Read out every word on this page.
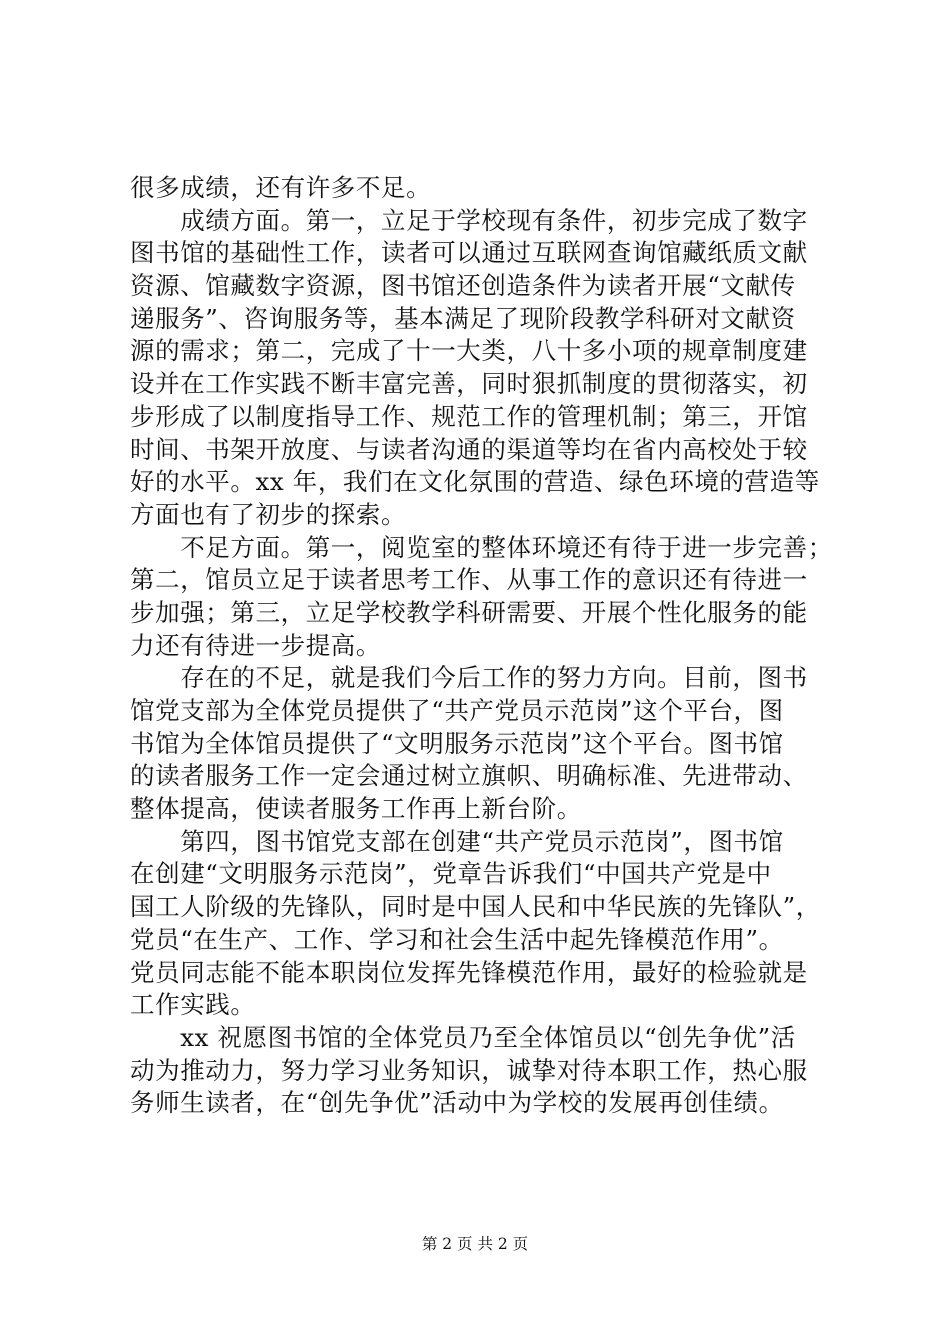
很多成绩，还有许多不足。
　　成绩方面。第一，立足于学校现有条件，初步完成了数字
图书馆的基础性工作，读者可以通过互联网查询馆藏纸质文献
资源、馆藏数字资源，图书馆还创造条件为读者开展“文献传
递服务”、咨询服务等，基本满足了现阶段教学科研对文献资
源的需求；第二，完成了十一大类，八十多小项的规章制度建
设并在工作实践不断丰富完善，同时狠抓制度的贯彻落实，初
步形成了以制度指导工作、规范工作的管理机制；第三，开馆
时间、书架开放度、与读者沟通的渠道等均在省内高校处于较
好的水平。xx 年，我们在文化氛围的营造、绿色环境的营造等
方面也有了初步的探索。
　　不足方面。第一，阅览室的整体环境还有待于进一步完善；
第二，馆员立足于读者思考工作、从事工作的意识还有待进一
步加强；第三，立足学校教学科研需要、开展个性化服务的能
力还有待进一步提高。
　　存在的不足，就是我们今后工作的努力方向。目前，图书
馆党支部为全体党员提供了“共产党员示范岗”这个平台，图
书馆为全体馆员提供了“文明服务示范岗”这个平台。图书馆
的读者服务工作一定会通过树立旗帜、明确标准、先进带动、
整体提高，使读者服务工作再上新台阶。
　　第四，图书馆党支部在创建“共产党员示范岗”，图书馆
在创建“文明服务示范岗”，党章告诉我们“中国共产党是中
国工人阶级的先锋队，同时是中国人民和中华民族的先锋队”，
党员“在生产、工作、学习和社会生活中起先锋模范作用”。
党员同志能不能本职岗位发挥先锋模范作用，最好的检验就是
工作实践。
　　xx 祝愿图书馆的全体党员乃至全体馆员以“创先争优”活
动为推动力，努力学习业务知识，诚挚对待本职工作，热心服
务师生读者，在“创先争优”活动中为学校的发展再创佳绩。
第 2 页 共 2 页
